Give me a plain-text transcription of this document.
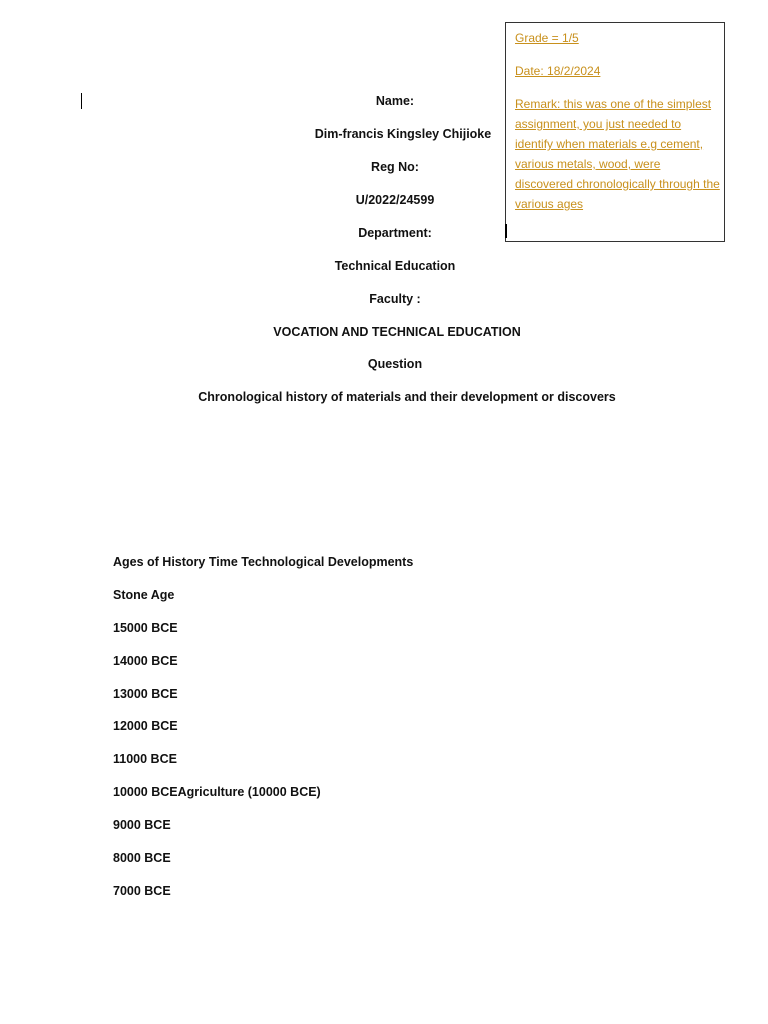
Grade = 1/5
Date: 18/2/2024
Remark: this was one of the simplest assignment, you just needed to identify when materials e.g cement, various metals, wood, were discovered chronologically through the various ages
Name:
Dim-francis Kingsley Chijioke
Reg No:
U/2022/24599
Department:
Technical Education
Faculty :
VOCATION AND TECHNICAL EDUCATION
Question
Chronological history of materials and their development or discovers
Ages of History Time Technological Developments
Stone Age
15000 BCE
14000 BCE
13000 BCE
12000 BCE
11000 BCE
10000 BCEAgriculture (10000 BCE)
9000 BCE
8000 BCE
7000 BCE
